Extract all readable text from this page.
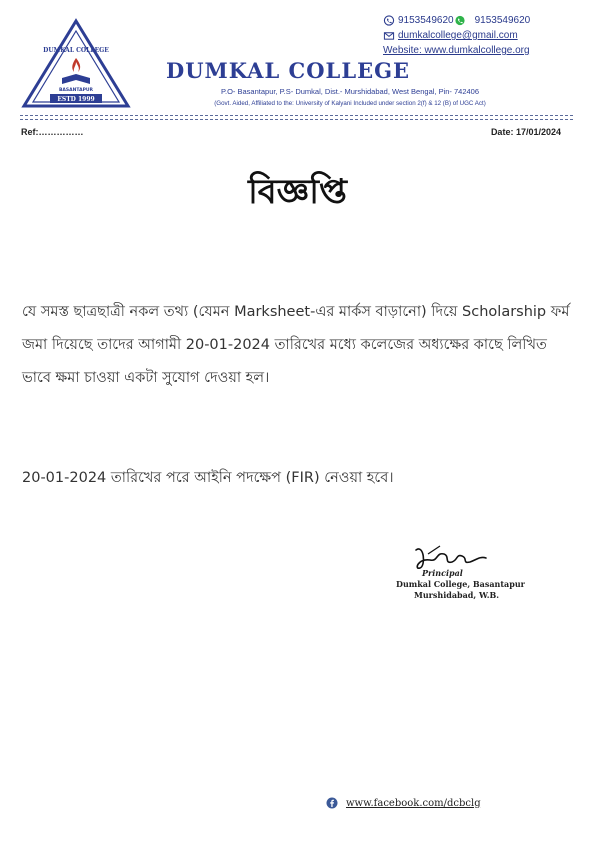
DUMKAL COLLEGE
BASANTAPUR
ESTD 1999
9153549620 9153549620
dumkalcollege@gmail.com
Website: www.dumkalcollege.org
DUMKAL COLLEGE
P.O- Basantapur, P.S- Dumkal, Dist.- Murshidabad, West Bengal, Pin- 742406
(Govt. Aided, Affiliated to the: University of Kalyani Included under section 2(f) & 12 (B) of UGC Act)
Ref:……………	Date: 17/01/2024
বিজ্ঞপ্তি
যে সমস্ত ছাত্রছাত্রী নকল তথ্য (যেমন Marksheet-এর মার্কস বাড়ানো) দিয়ে Scholarship ফর্ম জমা দিয়েছে তাদের আগামী 20-01-2024 তারিখের মধ্যে কলেজের অধ্যক্ষের কাছে লিখিত ভাবে ক্ষমা চাওয়া একটা সুযোগ দেওয়া হল।
20-01-2024 তারিখের পরে আইনি পদক্ষেপ (FIR) নেওয়া হবে।
Principal
Dumkal College, Basantapur
Murshidabad, W.B.
www.facebook.com/dcbclg
